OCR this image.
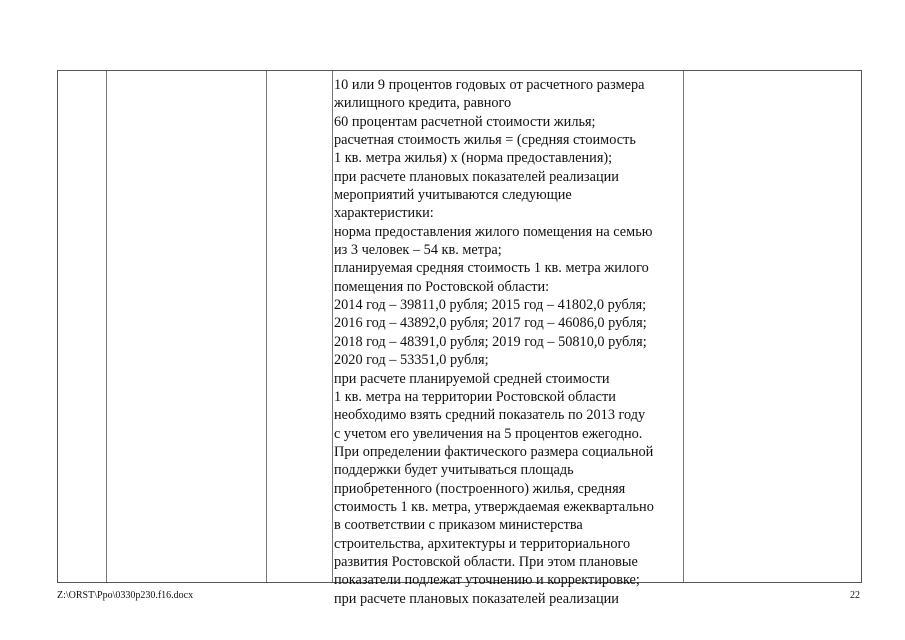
10 или 9 процентов годовых от расчетного размера
жилищного кредита, равного
60 процентам расчетной стоимости жилья;
расчетная стоимость жилья = (средняя стоимость
1 кв. метра жилья) x (норма предоставления);
при расчете плановых показателей реализации
мероприятий учитываются следующие
характеристики:
норма предоставления жилого помещения на семью
из 3 человек – 54 кв. метра;
планируемая средняя стоимость 1 кв. метра жилого
помещения по Ростовской области:
2014 год – 39811,0 рубля; 2015 год – 41802,0 рубля;
2016 год – 43892,0 рубля; 2017 год – 46086,0 рубля;
2018 год – 48391,0 рубля; 2019 год – 50810,0 рубля;
2020 год – 53351,0 рубля;
при расчете планируемой средней стоимости
1 кв. метра на территории Ростовской области
необходимо взять средний показатель по 2013 году
с учетом его увеличения на 5 процентов ежегодно.
При определении фактического размера социальной
поддержки будет учитываться площадь
приобретенного (построенного) жилья, средняя
стоимость 1 кв. метра, утверждаемая ежеквартально
в соответствии с приказом министерства
строительства, архитектуры и территориального
развития Ростовской области. При этом плановые
показатели подлежат уточнению и корректировке;
при расчете плановых показателей реализации
Z:\ORST\Ppo\0330p230.f16.docx	22
